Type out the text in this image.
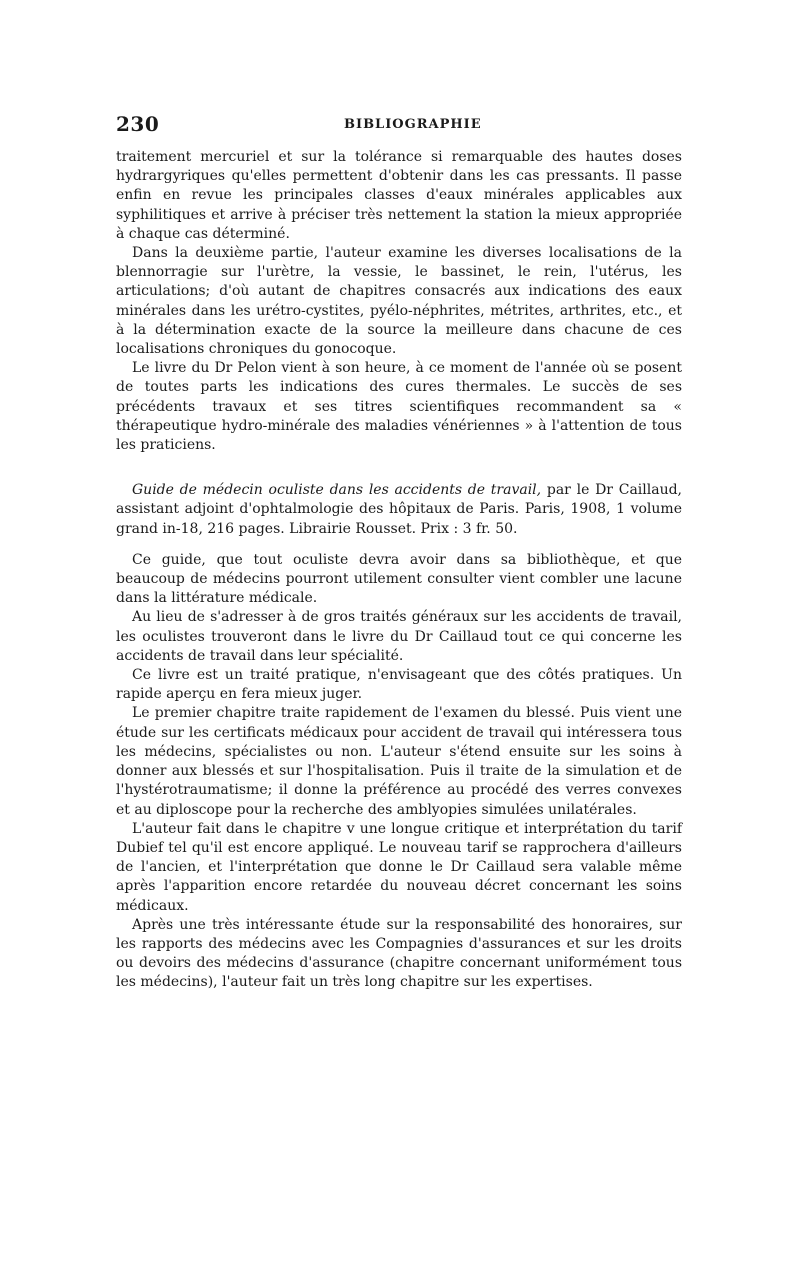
230	BIBLIOGRAPHIE

traitement mercuriel et sur la tolérance si remarquable des hautes doses hydrargyriques qu'elles permettent d'obtenir dans les cas pressants. Il passe enfin en revue les principales classes d'eaux minérales applicables aux syphilitiques et arrive à préciser très nettement la station la mieux appropriée à chaque cas déterminé.

Dans la deuxième partie, l'auteur examine les diverses localisations de la blennorragie sur l'urètre, la vessie, le bassinet, le rein, l'utérus, les articulations; d'où autant de chapitres consacrés aux indications des eaux minérales dans les urétro-cystites, pyélo-néphrites, métrites, arthrites, etc., et à la détermination exacte de la source la meilleure dans chacune de ces localisations chroniques du gonocoque.

Le livre du Dr Pelon vient à son heure, à ce moment de l'année où se posent de toutes parts les indications des cures thermales. Le succès de ses précédents travaux et ses titres scientifiques recommandent sa « thérapeutique hydro-minérale des maladies vénériennes » à l'attention de tous les praticiens.

Guide de médecin oculiste dans les accidents de travail, par le Dr Caillaud, assistant adjoint d'ophtalmologie des hôpitaux de Paris. Paris, 1908, 1 volume grand in-18, 216 pages. Librairie Rousset. Prix : 3 fr. 50.

Ce guide, que tout oculiste devra avoir dans sa bibliothèque, et que beaucoup de médecins pourront utilement consulter vient combler une lacune dans la littérature médicale.

Au lieu de s'adresser à de gros traités généraux sur les accidents de travail, les oculistes trouveront dans le livre du Dr Caillaud tout ce qui concerne les accidents de travail dans leur spécialité.

Ce livre est un traité pratique, n'envisageant que des côtés pratiques. Un rapide aperçu en fera mieux juger.

Le premier chapitre traite rapidement de l'examen du blessé. Puis vient une étude sur les certificats médicaux pour accident de travail qui intéressera tous les médecins, spécialistes ou non. L'auteur s'étend ensuite sur les soins à donner aux blessés et sur l'hospitalisation. Puis il traite de la simulation et de l'hystérotraumatisme; il donne la préférence au procédé des verres convexes et au diploscope pour la recherche des amblyopies simulées unilatérales.

L'auteur fait dans le chapitre v une longue critique et interprétation du tarif Dubief tel qu'il est encore appliqué. Le nouveau tarif se rapprochera d'ailleurs de l'ancien, et l'interprétation que donne le Dr Caillaud sera valable même après l'apparition encore retardée du nouveau décret concernant les soins médicaux.

Après une très intéressante étude sur la responsabilité des honoraires, sur les rapports des médecins avec les Compagnies d'assurances et sur les droits ou devoirs des médecins d'assurance (chapitre concernant uniformément tous les médecins), l'auteur fait un très long chapitre sur les expertises.
